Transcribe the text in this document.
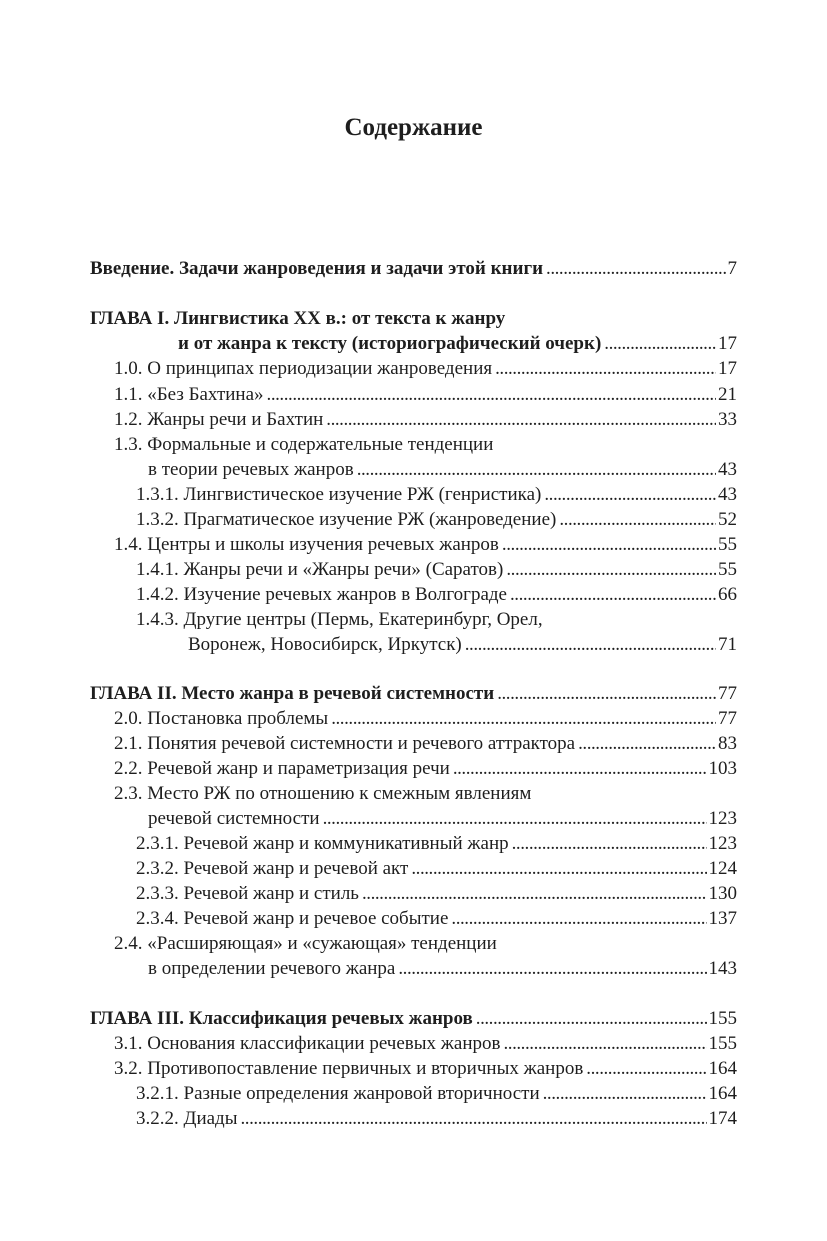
Содержание
Введение. Задачи жанроведения и задачи этой книги . . .	7
ГЛАВА I. Лингвистика XX в.: от текста к жанру
и от жанра к тексту (историографический очерк) . . .	17
1.0. О принципах периодизации жанроведения . . .	17
1.1. «Без Бахтина» . . .	21
1.2. Жанры речи и Бахтин . . .	33
1.3. Формальные и содержательные тенденции
в теории речевых жанров . . .	43
1.3.1. Лингвистическое изучение РЖ (генристика) . . .	43
1.3.2. Прагматическое изучение РЖ (жанроведение) . . .	52
1.4. Центры и школы изучения речевых жанров . . .	55
1.4.1. Жанры речи и «Жанры речи» (Саратов) . . .	55
1.4.2. Изучение речевых жанров в Волгограде . . .	66
1.4.3. Другие центры (Пермь, Екатеринбург, Орел,
Воронеж, Новосибирск, Иркутск) . . .	71
ГЛАВА II. Место жанра в речевой системности . . .	77
2.0. Постановка проблемы . . .	77
2.1. Понятия речевой системности и речевого аттрактора . . .	83
2.2. Речевой жанр и параметризация речи . . .	103
2.3. Место РЖ по отношению к смежным явлениям
речевой системности . . .	123
2.3.1. Речевой жанр и коммуникативный жанр . . .	123
2.3.2. Речевой жанр и речевой акт . . .	124
2.3.3. Речевой жанр и стиль . . .	130
2.3.4. Речевой жанр и речевое событие . . .	137
2.4. «Расширяющая» и «сужающая» тенденции
в определении речевого жанра . . .	143
ГЛАВА III. Классификация речевых жанров . . .	155
3.1. Основания классификации речевых жанров . . .	155
3.2. Противопоставление первичных и вторичных жанров . . .	164
3.2.1. Разные определения жанровой вторичности . . .	164
3.2.2. Диады . . .	174
